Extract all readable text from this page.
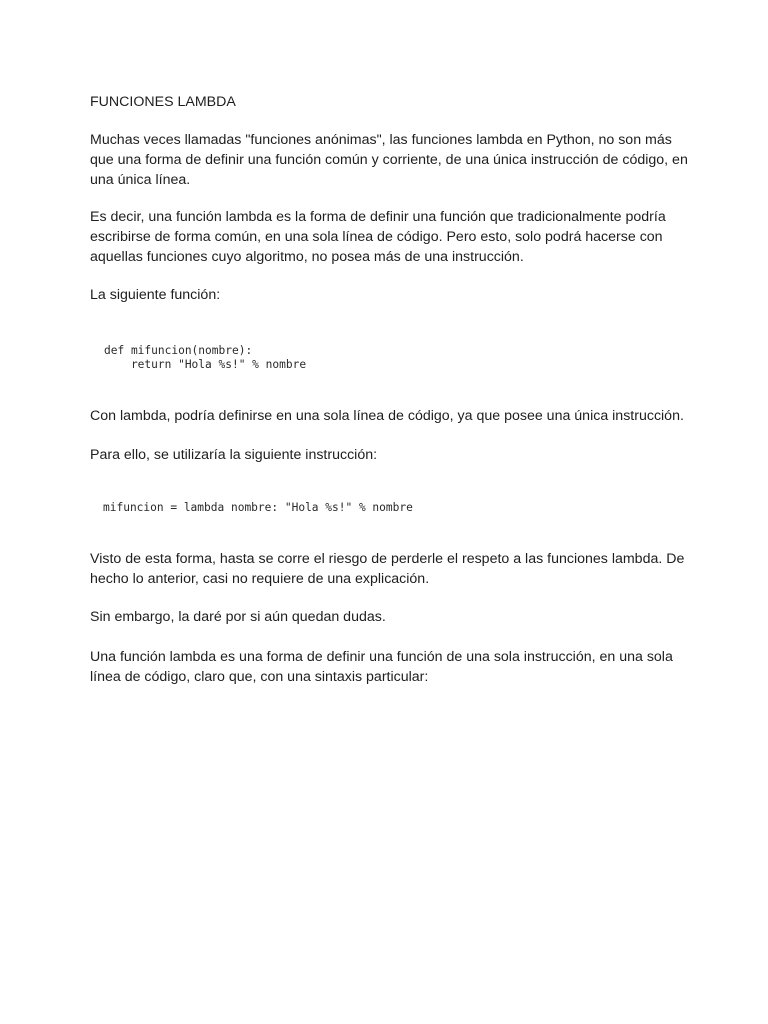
FUNCIONES LAMBDA

Muchas veces llamadas "funciones anónimas", las funciones lambda en Python, no son más que una forma de definir una función común y corriente, de una única instrucción de código, en una única línea.

Es decir, una función lambda es la forma de definir una función que tradicionalmente podría escribirse de forma común, en una sola línea de código. Pero esto, solo podrá hacerse con aquellas funciones cuyo algoritmo, no posea más de una instrucción.

La siguiente función:

def mifuncion(nombre):
return "Hola %s!" % nombre

Con lambda, podría definirse en una sola línea de código, ya que posee una única instrucción.

Para ello, se utilizaría la siguiente instrucción:

mifuncion = lambda nombre: "Hola %s!" % nombre

Visto de esta forma, hasta se corre el riesgo de perderle el respeto a las funciones lambda. De hecho lo anterior, casi no requiere de una explicación.

Sin embargo, la daré por si aún quedan dudas.

Una función lambda es una forma de definir una función de una sola instrucción, en una sola línea de código, claro que, con una sintaxis particular:
